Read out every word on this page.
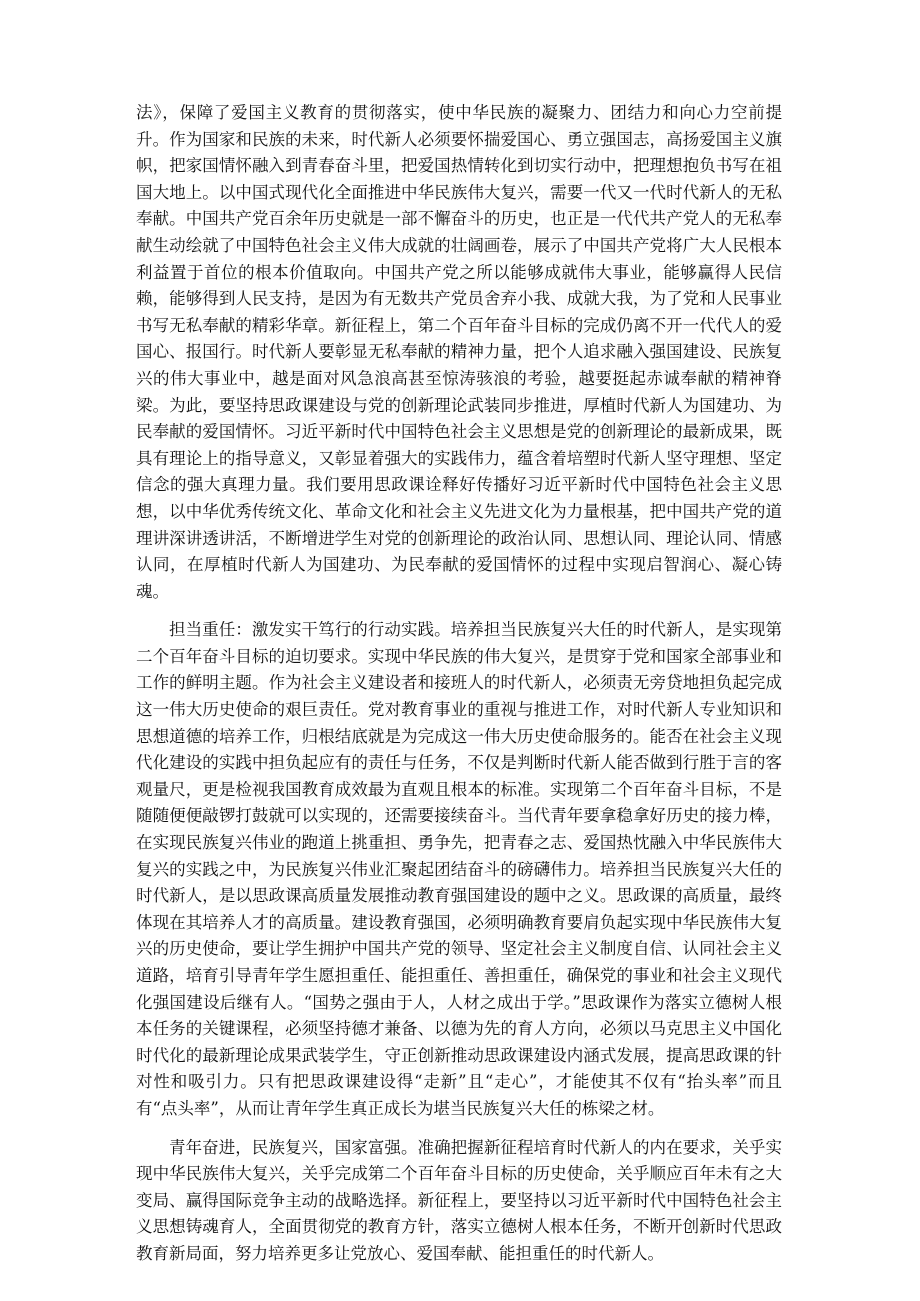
法》，保障了爱国主义教育的贯彻落实，使中华民族的凝聚力、团结力和向心力空前提升。作为国家和民族的未来，时代新人必须要怀揣爱国心、勇立强国志，高扬爱国主义旗帜，把家国情怀融入到青春奋斗里，把爱国热情转化到切实行动中，把理想抱负书写在祖国大地上。以中国式现代化全面推进中华民族伟大复兴，需要一代又一代时代新人的无私奉献。中国共产党百余年历史就是一部不懈奋斗的历史，也正是一代代共产党人的无私奉献生动绘就了中国特色社会主义伟大成就的壮阔画卷，展示了中国共产党将广大人民根本利益置于首位的根本价值取向。中国共产党之所以能够成就伟大事业，能够赢得人民信赖，能够得到人民支持，是因为有无数共产党员舍弃小我、成就大我，为了党和人民事业书写无私奉献的精彩华章。新征程上，第二个百年奋斗目标的完成仍离不开一代代人的爱国心、报国行。时代新人要彰显无私奉献的精神力量，把个人追求融入强国建设、民族复兴的伟大事业中，越是面对风急浪高甚至惊涛骇浪的考验，越要挺起赤诚奉献的精神脊梁。为此，要坚持思政课建设与党的创新理论武装同步推进，厚植时代新人为国建功、为民奉献的爱国情怀。习近平新时代中国特色社会主义思想是党的创新理论的最新成果，既具有理论上的指导意义，又彰显着强大的实践伟力，蕴含着培塑时代新人坚守理想、坚定信念的强大真理力量。我们要用思政课诠释好传播好习近平新时代中国特色社会主义思想，以中华优秀传统文化、革命文化和社会主义先进文化为力量根基，把中国共产党的道理讲深讲透讲活，不断增进学生对党的创新理论的政治认同、思想认同、理论认同、情感认同，在厚植时代新人为国建功、为民奉献的爱国情怀的过程中实现启智润心、凝心铸魂。

担当重任：激发实干笃行的行动实践。培养担当民族复兴大任的时代新人，是实现第二个百年奋斗目标的迫切要求。实现中华民族的伟大复兴，是贯穿于党和国家全部事业和工作的鲜明主题。作为社会主义建设者和接班人的时代新人，必须责无旁贷地担负起完成这一伟大历史使命的艰巨责任。党对教育事业的重视与推进工作，对时代新人专业知识和思想道德的培养工作，归根结底就是为完成这一伟大历史使命服务的。能否在社会主义现代化建设的实践中担负起应有的责任与任务，不仅是判断时代新人能否做到行胜于言的客观量尺，更是检视我国教育成效最为直观且根本的标准。实现第二个百年奋斗目标，不是随随便便敲锣打鼓就可以实现的，还需要接续奋斗。当代青年要拿稳拿好历史的接力棒，在实现民族复兴伟业的跑道上挑重担、勇争先，把青春之志、爱国热忱融入中华民族伟大复兴的实践之中，为民族复兴伟业汇聚起团结奋斗的磅礴伟力。培养担当民族复兴大任的时代新人，是以思政课高质量发展推动教育强国建设的题中之义。思政课的高质量，最终体现在其培养人才的高质量。建设教育强国，必须明确教育要肩负起实现中华民族伟大复兴的历史使命，要让学生拥护中国共产党的领导、坚定社会主义制度自信、认同社会主义道路，培育引导青年学生愿担重任、能担重任、善担重任，确保党的事业和社会主义现代化强国建设后继有人。“国势之强由于人，人材之成出于学。”思政课作为落实立德树人根本任务的关键课程，必须坚持德才兼备、以德为先的育人方向，必须以马克思主义中国化时代化的最新理论成果武装学生，守正创新推动思政课建设内涵式发展，提高思政课的针对性和吸引力。只有把思政课建设得“走新”且“走心”，才能使其不仅有“抬头率”而且有“点头率”，从而让青年学生真正成长为堪当民族复兴大任的栋梁之材。

青年奋进，民族复兴，国家富强。准确把握新征程培育时代新人的内在要求，关乎实现中华民族伟大复兴，关乎完成第二个百年奋斗目标的历史使命，关乎顺应百年未有之大变局、赢得国际竞争主动的战略选择。新征程上，要坚持以习近平新时代中国特色社会主义思想铸魂育人，全面贯彻党的教育方针，落实立德树人根本任务，不断开创新时代思政教育新局面，努力培养更多让党放心、爱国奉献、能担重任的时代新人。
